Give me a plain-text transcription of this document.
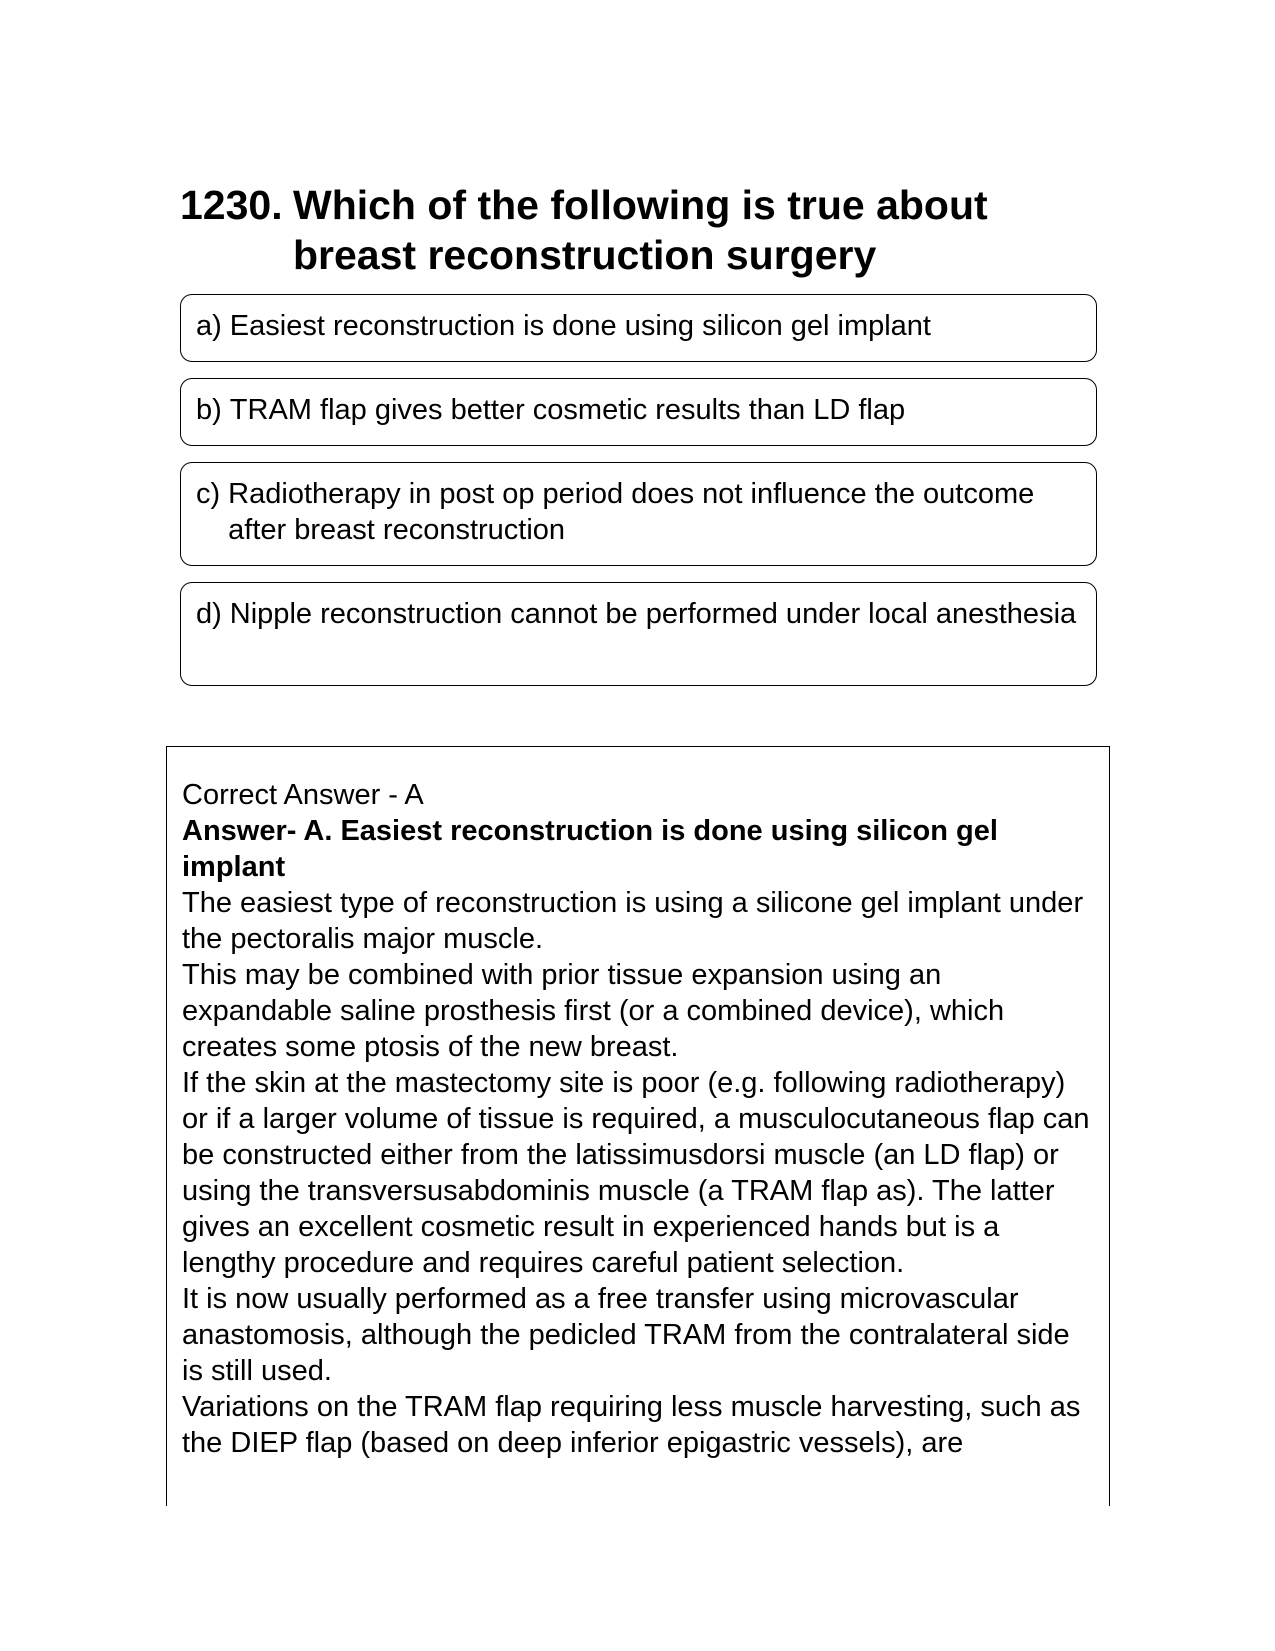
1230. Which of the following is true about breast reconstruction surgery
a) Easiest reconstruction is done using silicon gel implant
b) TRAM flap gives better cosmetic results than LD flap
c) Radiotherapy in post op period does not influence the outcome after breast reconstruction
d) Nipple reconstruction cannot be performed under local anesthesia

Correct Answer - A

Answer- A. Easiest reconstruction is done using silicon gel implant

The easiest type of reconstruction is using a silicone gel implant under the pectoralis major muscle.

This may be combined with prior tissue expansion using an expandable saline prosthesis first (or a combined device), which creates some ptosis of the new breast.

If the skin at the mastectomy site is poor (e.g. following radiotherapy) or if a larger volume of tissue is required, a musculocutaneous flap can be constructed either from the latissimusdorsi muscle (an LD flap) or using the transversusabdominis muscle (a TRAM flap as). The latter gives an excellent cosmetic result in experienced hands but is a lengthy procedure and requires careful patient selection.

It is now usually performed as a free transfer using microvascular anastomosis, although the pedicled TRAM from the contralateral side is still used.

Variations on the TRAM flap requiring less muscle harvesting, such as the DIEP flap (based on deep inferior epigastric vessels), are
